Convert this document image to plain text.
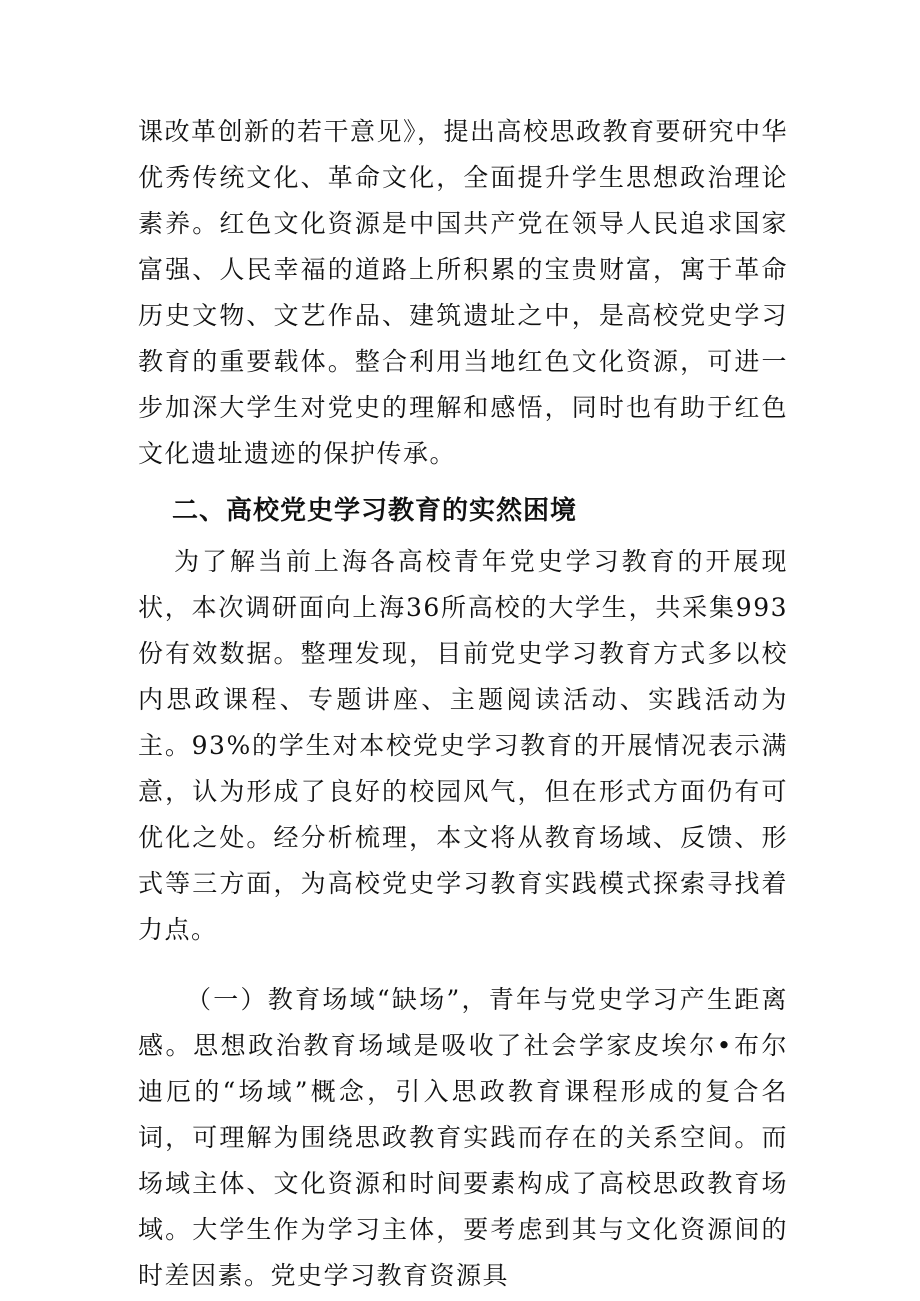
课改革创新的若干意见》，提出高校思政教育要研究中华优秀传统文化、革命文化，全面提升学生思想政治理论素养。红色文化资源是中国共产党在领导人民追求国家富强、人民幸福的道路上所积累的宝贵财富，寓于革命历史文物、文艺作品、建筑遗址之中，是高校党史学习教育的重要载体。整合利用当地红色文化资源，可进一步加深大学生对党史的理解和感悟，同时也有助于红色文化遗址遗迹的保护传承。

二、高校党史学习教育的实然困境

为了解当前上海各高校青年党史学习教育的开展现状，本次调研面向上海36所高校的大学生，共采集993份有效数据。整理发现，目前党史学习教育方式多以校内思政课程、专题讲座、主题阅读活动、实践活动为主。93%的学生对本校党史学习教育的开展情况表示满意，认为形成了良好的校园风气，但在形式方面仍有可优化之处。经分析梳理，本文将从教育场域、反馈、形式等三方面，为高校党史学习教育实践模式探索寻找着力点。

（一）教育场域“缺场”，青年与党史学习产生距离感。思想政治教育场域是吸收了社会学家皮埃尔•布尔迪厄的“场域”概念，引入思政教育课程形成的复合名词，可理解为围绕思政教育实践而存在的关系空间。而场域主体、文化资源和时间要素构成了高校思政教育场域。大学生作为学习主体，要考虑到其与文化资源间的时差因素。党史学习教育资源具
